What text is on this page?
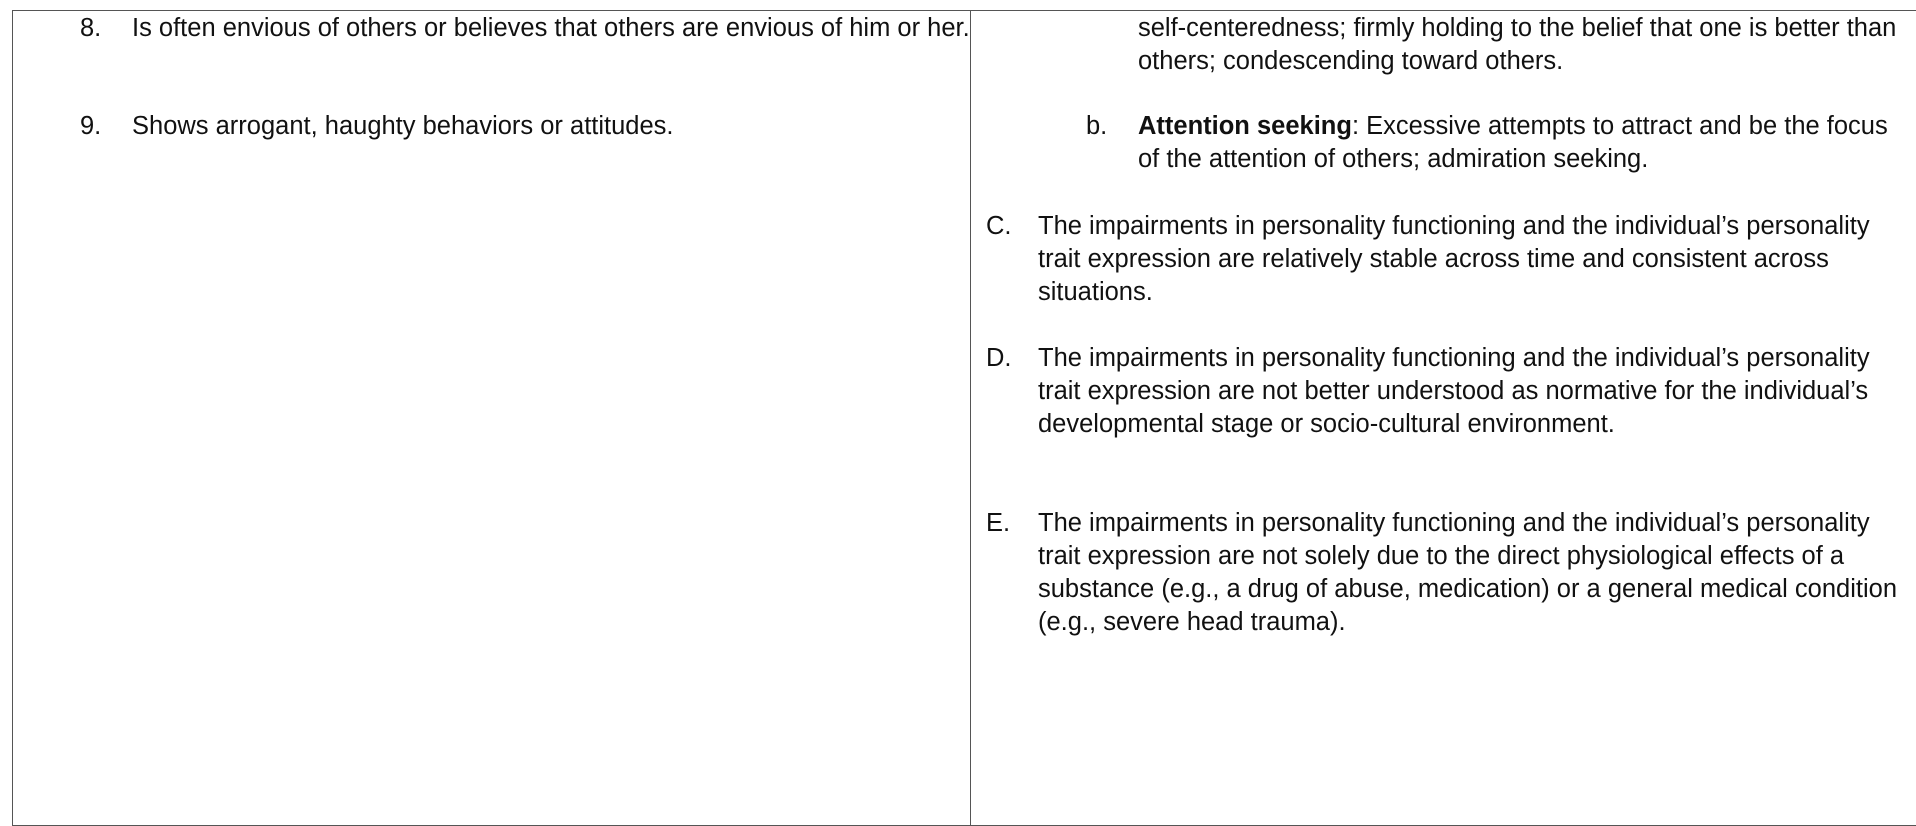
8. Is often envious of others or believes that others are envious of him or her.
9. Shows arrogant, haughty behaviors or attitudes.
self-centeredness; firmly holding to the belief that one is better than others; condescending toward others.
b. Attention seeking: Excessive attempts to attract and be the focus of the attention of others; admiration seeking.
C. The impairments in personality functioning and the individual’s personality trait expression are relatively stable across time and consistent across situations.
D. The impairments in personality functioning and the individual’s personality trait expression are not better understood as normative for the individual’s developmental stage or socio-cultural environment.
E. The impairments in personality functioning and the individual’s personality trait expression are not solely due to the direct physiological effects of a substance (e.g., a drug of abuse, medication) or a general medical condition (e.g., severe head trauma).
